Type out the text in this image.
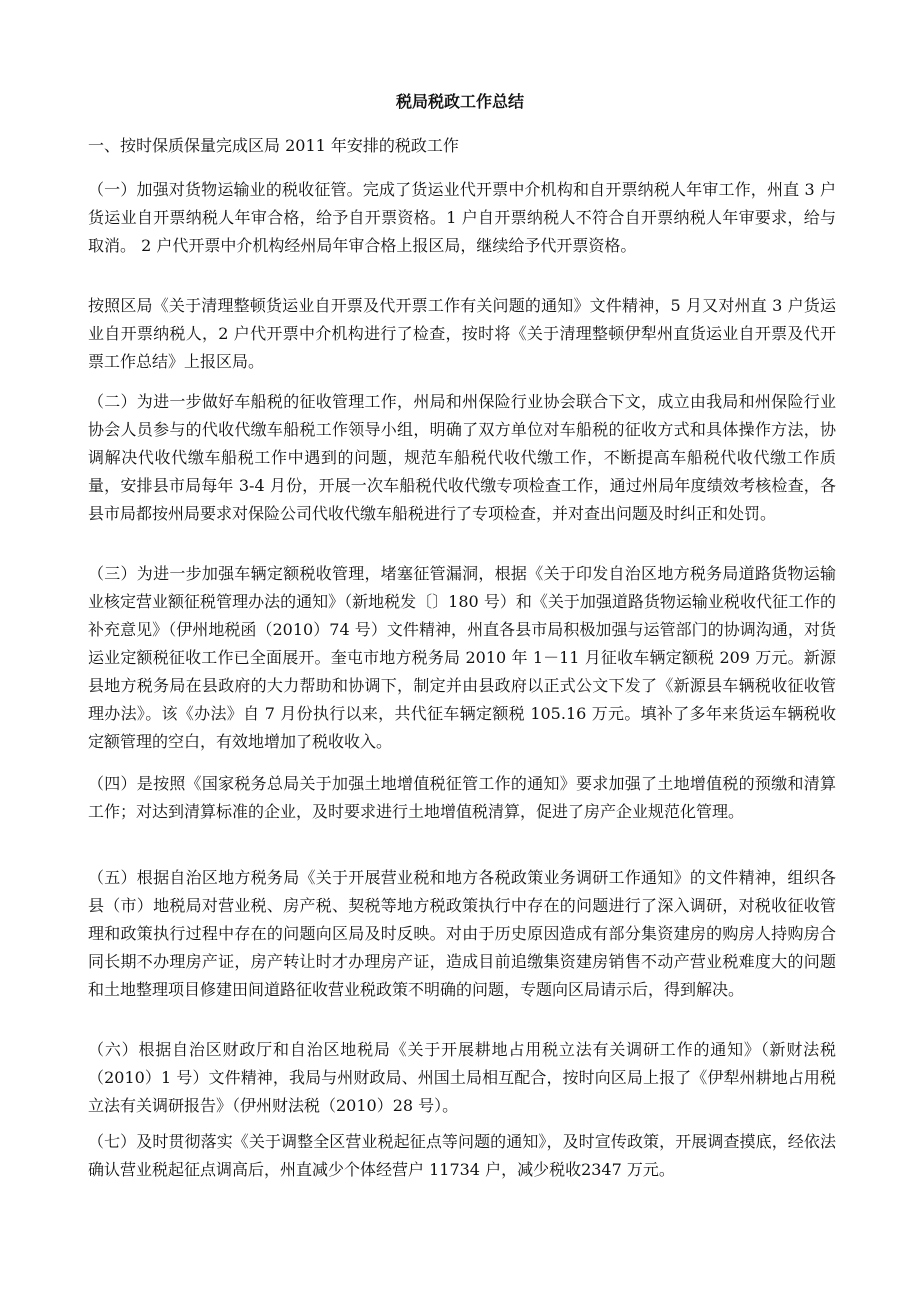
税局税政工作总结

一、按时保质保量完成区局 2011 年安排的税政工作

（一）加强对货物运输业的税收征管。完成了货运业代开票中介机构和自开票纳税人年审工作，州直 3 户货运业自开票纳税人年审合格，给予自开票资格。1 户自开票纳税人不符合自开票纳税人年审要求，给与取消。 2 户代开票中介机构经州局年审合格上报区局，继续给予代开票资格。

按照区局《关于清理整顿货运业自开票及代开票工作有关问题的通知》文件精神，5 月又对州直 3 户货运业自开票纳税人，2 户代开票中介机构进行了检查，按时将《关于清理整顿伊犁州直货运业自开票及代开票工作总结》上报区局。

（二）为进一步做好车船税的征收管理工作，州局和州保险行业协会联合下文，成立由我局和州保险行业协会人员参与的代收代缴车船税工作领导小组，明确了双方单位对车船税的征收方式和具体操作方法，协调解决代收代缴车船税工作中遇到的问题，规范车船税代收代缴工作，不断提高车船税代收代缴工作质量，安排县市局每年 3-4 月份，开展一次车船税代收代缴专项检查工作，通过州局年度绩效考核检查，各县市局都按州局要求对保险公司代收代缴车船税进行了专项检查，并对查出问题及时纠正和处罚。

（三）为进一步加强车辆定额税收管理，堵塞征管漏洞，根据《关于印发自治区地方税务局道路货物运输业核定营业额征税管理办法的通知》（新地税发〔〕180 号）和《关于加强道路货物运输业税收代征工作的补充意见》（伊州地税函（2010）74 号）文件精神，州直各县市局积极加强与运管部门的协调沟通，对货运业定额税征收工作已全面展开。奎屯市地方税务局 2010 年 1－11 月征收车辆定额税 209 万元。新源县地方税务局在县政府的大力帮助和协调下，制定并由县政府以正式公文下发了《新源县车辆税收征收管理办法》。该《办法》自 7 月份执行以来，共代征车辆定额税 105.16 万元。填补了多年来货运车辆税收定额管理的空白，有效地增加了税收收入。

（四）是按照《国家税务总局关于加强土地增值税征管工作的通知》要求加强了土地增值税的预缴和清算工作；对达到清算标准的企业，及时要求进行土地增值税清算，促进了房产企业规范化管理。

（五）根据自治区地方税务局《关于开展营业税和地方各税政策业务调研工作通知》的文件精神，组织各县（市）地税局对营业税、房产税、契税等地方税政策执行中存在的问题进行了深入调研，对税收征收管理和政策执行过程中存在的问题向区局及时反映。对由于历史原因造成有部分集资建房的购房人持购房合同长期不办理房产证，房产转让时才办理房产证，造成目前追缴集资建房销售不动产营业税难度大的问题和土地整理项目修建田间道路征收营业税政策不明确的问题，专题向区局请示后，得到解决。

（六）根据自治区财政厅和自治区地税局《关于开展耕地占用税立法有关调研工作的通知》（新财法税（2010）1 号）文件精神，我局与州财政局、州国土局相互配合，按时向区局上报了《伊犁州耕地占用税立法有关调研报告》（伊州财法税（2010）28 号）。

（七）及时贯彻落实《关于调整全区营业税起征点等问题的通知》，及时宣传政策，开展调查摸底，经依法确认营业税起征点调高后，州直减少个体经营户 11734 户，减少税收2347 万元。
